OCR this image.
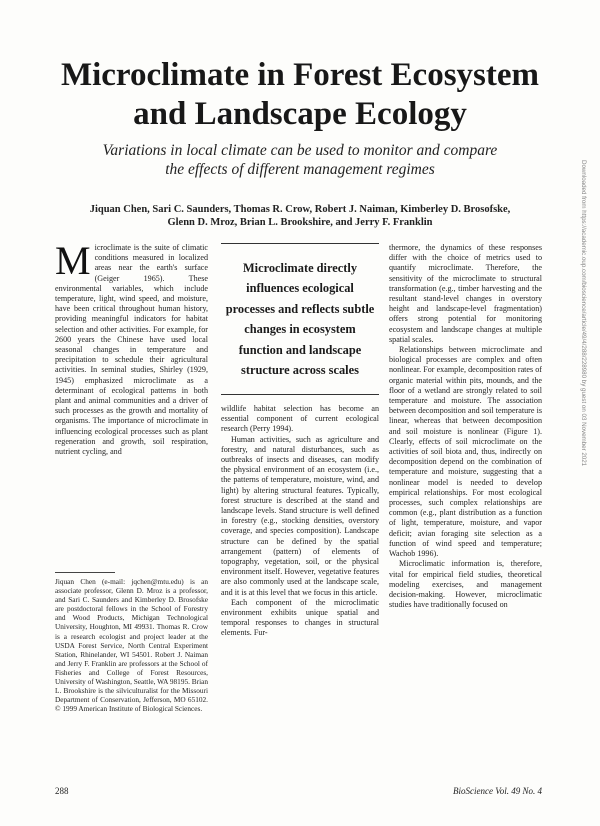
Microclimate in Forest Ecosystem
and Landscape Ecology
Variations in local climate can be used to monitor and compare
the effects of different management regimes
Jiquan Chen, Sari C. Saunders, Thomas R. Crow, Robert J. Naiman, Kimberley D. Brosofske,
Glenn D. Mroz, Brian L. Brookshire, and Jerry F. Franklin

Microclimate is the suite of climatic conditions measured in localized areas near the earth's surface (Geiger 1965). These environmental variables, which include temperature, light, wind speed, and moisture, have been critical throughout human history, providing meaningful indicators for habitat selection and other activities. For example, for 2600 years the Chinese have used local seasonal changes in temperature and precipitation to schedule their agricultural activities. In seminal studies, Shirley (1929, 1945) emphasized microclimate as a determinant of ecological patterns in both plant and animal communities and a driver of such processes as the growth and mortality of organisms. The importance of microclimate in influencing ecological processes such as plant regeneration and growth, soil respiration, nutrient cycling, and

Jiquan Chen (e-mail: jqchen@mtu.edu) is an associate professor, Glenn D. Mroz is a professor, and Sari C. Saunders and Kimberley D. Brosofske are postdoctoral fellows in the School of Forestry and Wood Products, Michigan Technological University, Houghton, MI 49931. Thomas R. Crow is a research ecologist and project leader at the USDA Forest Service, North Central Experiment Station, Rhinelander, WI 54501. Robert J. Naiman and Jerry F. Franklin are professors at the School of Fisheries and College of Forest Resources, University of Washington, Seattle, WA 98195. Brian L. Brookshire is the silviculturalist for the Missouri Department of Conservation, Jefferson, MO 65102. © 1999 American Institute of Biological Sciences.
Microclimate directly influences ecological processes and reflects subtle changes in ecosystem function and landscape structure across scales

wildlife habitat selection has become an essential component of current ecological research (Perry 1994).

Human activities, such as agriculture and forestry, and natural disturbances, such as outbreaks of insects and diseases, can modify the physical environment of an ecosystem (i.e., the patterns of temperature, moisture, wind, and light) by altering structural features. Typically, forest structure is described at the stand and landscape levels. Stand structure is well defined in forestry (e.g., stocking densities, overstory coverage, and species composition). Landscape structure can be defined by the spatial arrangement (pattern) of elements of topography, vegetation, soil, or the physical environment itself. However, vegetative features are also commonly used at the landscape scale, and it is at this level that we focus in this article.

Each component of the microclimatic environment exhibits unique spatial and temporal responses to changes in structural elements. Fur-

thermore, the dynamics of these responses differ with the choice of metrics used to quantify microclimate. Therefore, the sensitivity of the microclimate to structural transformation (e.g., timber harvesting and the resultant stand-level changes in overstory height and landscape-level fragmentation) offers strong potential for monitoring ecosystem and landscape changes at multiple spatial scales.

Relationships between microclimate and biological processes are complex and often nonlinear. For example, decomposition rates of organic material within pits, mounds, and the floor of a wetland are strongly related to soil temperature and moisture. The association between decomposition and soil temperature is linear, whereas that between decomposition and soil moisture is nonlinear (Figure 1). Clearly, effects of soil microclimate on the activities of soil biota and, thus, indirectly on decomposition depend on the combination of temperature and moisture, suggesting that a nonlinear model is needed to develop empirical relationships. For most ecological processes, such complex relationships are common (e.g., plant distribution as a function of light, temperature, moisture, and vapor deficit; avian foraging site selection as a function of wind speed and temperature; Wachob 1996).

Microclimatic information is, therefore, vital for empirical field studies, theoretical modeling exercises, and management decision-making. However, microclimatic studies have traditionally focused on

288	BioScience Vol. 49 No. 4
Downloaded from https://academic.oup.com/bioscience/article/49/4/288/228980 by guest on 03 November 2021
